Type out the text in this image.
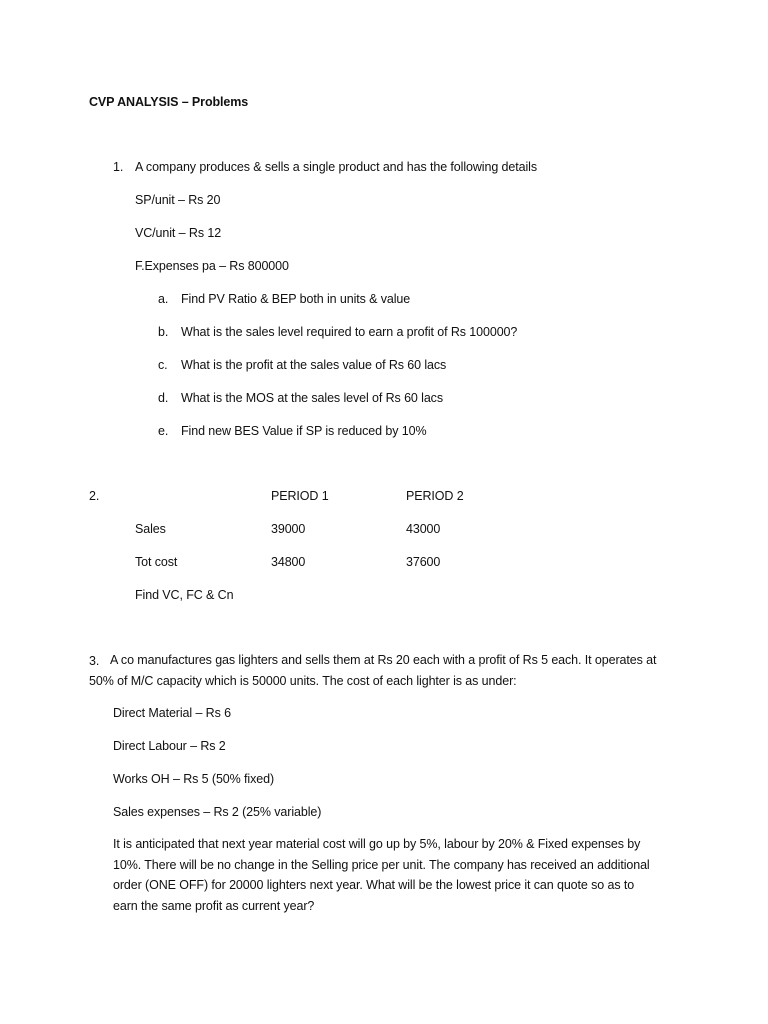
CVP ANALYSIS – Problems
1. A company produces & sells a single product and has the following details
SP/unit – Rs 20
VC/unit – Rs 12
F.Expenses pa – Rs 800000
a. Find PV Ratio & BEP both in units & value
b. What is the sales level required to earn a profit of Rs 100000?
c. What is the profit at the sales value of Rs 60 lacs
d. What is the MOS at the sales level of Rs 60 lacs
e. Find new BES Value if SP is reduced by 10%
2.	PERIOD 1	PERIOD 2
Sales	39000	43000
Tot cost	34800	37600
Find VC, FC & Cn
3. A co manufactures gas lighters and sells them at Rs 20 each with a profit of Rs 5 each. It operates at 50% of M/C capacity which is 50000 units. The cost of each lighter is as under:
Direct Material – Rs 6
Direct Labour – Rs 2
Works OH – Rs 5 (50% fixed)
Sales expenses – Rs 2 (25% variable)
It is anticipated that next year material cost will go up by 5%, labour by 20% & Fixed expenses by 10%. There will be no change in the Selling price per unit. The company has received an additional order (ONE OFF) for 20000 lighters next year. What will be the lowest price it can quote so as to earn the same profit as current year?
